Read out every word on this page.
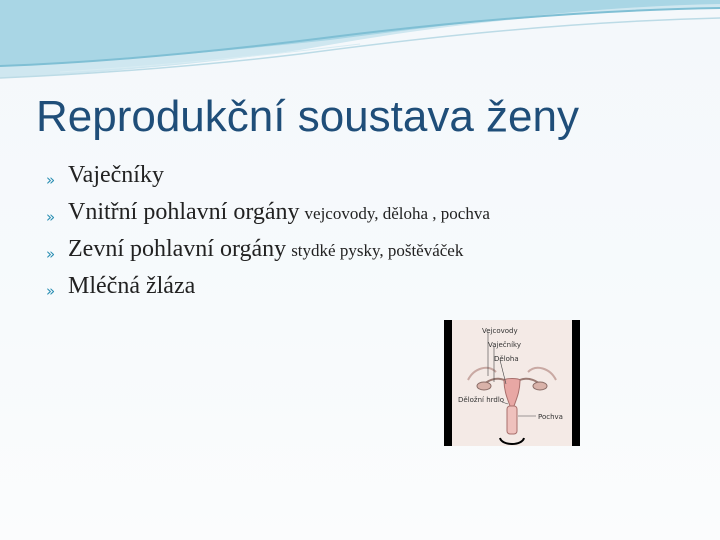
Reprodukční soustava ženy
» Vaječníky
» Vnitřní pohlavní orgány vejcovody, děloha , pochva
» Zevní pohlavní orgány stydké pysky, poštěváček
» Mléčná žláza
Vejcovody
Vaječníky
Děloha
Děložní hrdlo
Pochva
